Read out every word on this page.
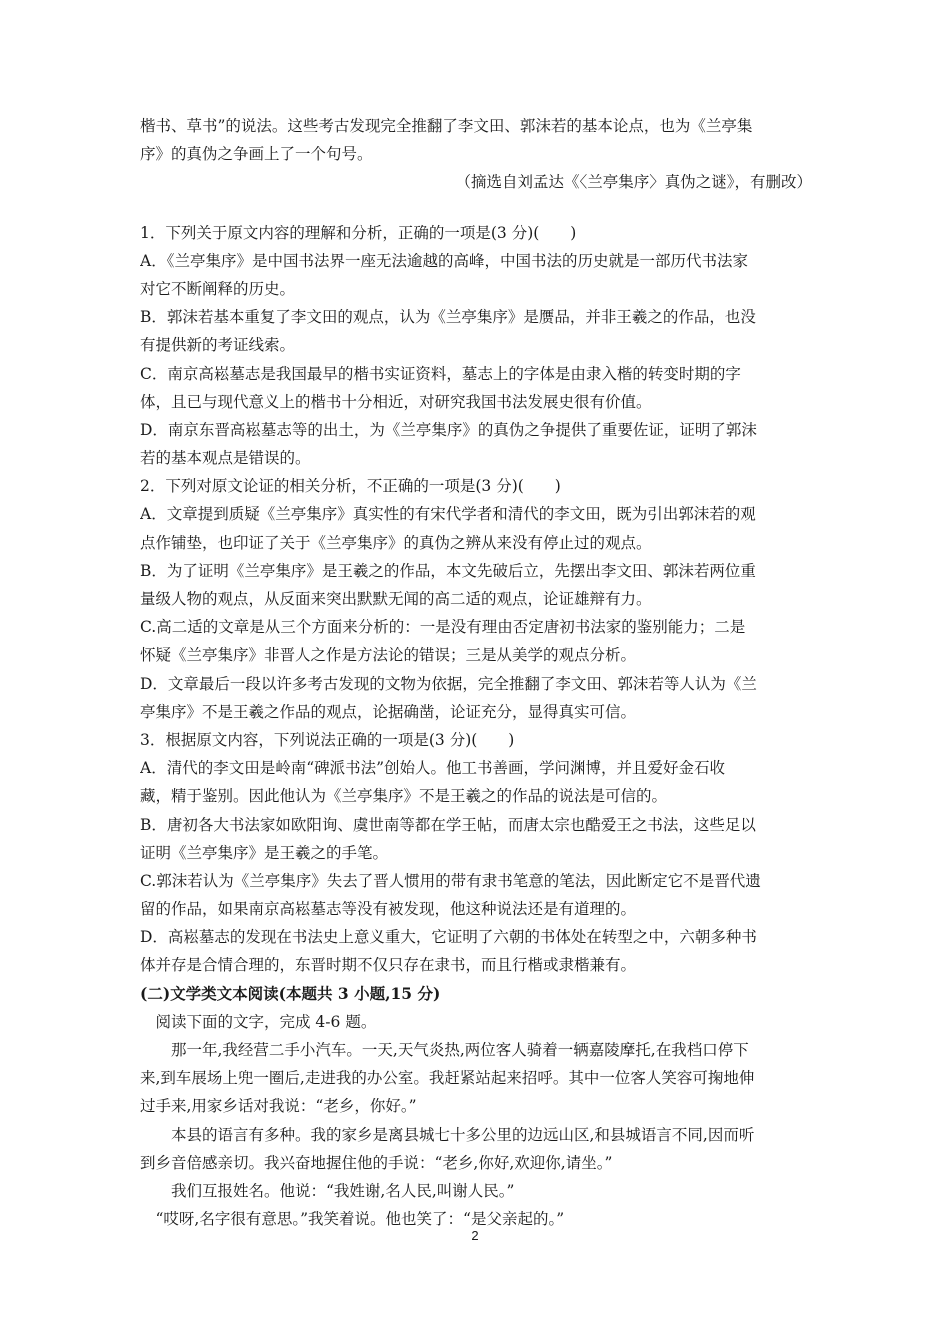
楷书、草书”的说法。这些考古发现完全推翻了李文田、郭沫若的基本论点，也为《兰亭集
序》的真伪之争画上了一个句号。
（摘选自刘孟达《〈兰亭集序〉真伪之谜》，有删改）
1．下列关于原文内容的理解和分析，正确的一项是(3 分)(　　)
A．《兰亭集序》是中国书法界一座无法逾越的高峰，中国书法的历史就是一部历代书法家
对它不断阐释的历史。
B．郭沫若基本重复了李文田的观点，认为《兰亭集序》是赝品，并非王羲之的作品，也没
有提供新的考证线索。
C．南京高崧墓志是我国最早的楷书实证资料，墓志上的字体是由隶入楷的转变时期的字
体，且已与现代意义上的楷书十分相近，对研究我国书法发展史很有价值。
D．南京东晋高崧墓志等的出土，为《兰亭集序》的真伪之争提供了重要佐证，证明了郭沫
若的基本观点是错误的。
2．下列对原文论证的相关分析，不正确的一项是(3 分)(　　)
A．文章提到质疑《兰亭集序》真实性的有宋代学者和清代的李文田，既为引出郭沫若的观
点作铺垫，也印证了关于《兰亭集序》的真伪之辨从来没有停止过的观点。
B．为了证明《兰亭集序》是王羲之的作品，本文先破后立，先摆出李文田、郭沫若两位重
量级人物的观点，从反面来突出默默无闻的高二适的观点，论证雄辩有力。
C.高二适的文章是从三个方面来分析的：一是没有理由否定唐初书法家的鉴别能力；二是
怀疑《兰亭集序》非晋人之作是方法论的错误；三是从美学的观点分析。
D．文章最后一段以许多考古发现的文物为依据，完全推翻了李文田、郭沫若等人认为《兰
亭集序》不是王羲之作品的观点，论据确凿，论证充分，显得真实可信。
3．根据原文内容，下列说法正确的一项是(3 分)(　　)
A．清代的李文田是岭南“碑派书法”创始人。他工书善画，学问渊博，并且爱好金石收
藏，精于鉴别。因此他认为《兰亭集序》不是王羲之的作品的说法是可信的。
B．唐初各大书法家如欧阳询、虞世南等都在学王帖，而唐太宗也酷爱王之书法，这些足以
证明《兰亭集序》是王羲之的手笔。
C.郭沫若认为《兰亭集序》失去了晋人惯用的带有隶书笔意的笔法，因此断定它不是晋代遗
留的作品，如果南京高崧墓志等没有被发现，他这种说法还是有道理的。
D．高崧墓志的发现在书法史上意义重大，它证明了六朝的书体处在转型之中，六朝多种书
体并存是合情合理的，东晋时期不仅只存在隶书，而且行楷或隶楷兼有。
(二)文学类文本阅读(本题共 3 小题,15 分)
　阅读下面的文字，完成 4-6 题。
　　那一年,我经营二手小汽车。一天,天气炎热,两位客人骑着一辆嘉陵摩托,在我档口停下
来,到车展场上兜一圈后,走进我的办公室。我赶紧站起来招呼。其中一位客人笑容可掬地伸
过手来,用家乡话对我说：“老乡，你好。”
　　本县的语言有多种。我的家乡是离县城七十多公里的边远山区,和县城语言不同,因而听
到乡音倍感亲切。我兴奋地握住他的手说：“老乡,你好,欢迎你,请坐。”
　　我们互报姓名。他说：“我姓谢,名人民,叫谢人民。”
　“哎呀,名字很有意思。”我笑着说。他也笑了：“是父亲起的。”
2
